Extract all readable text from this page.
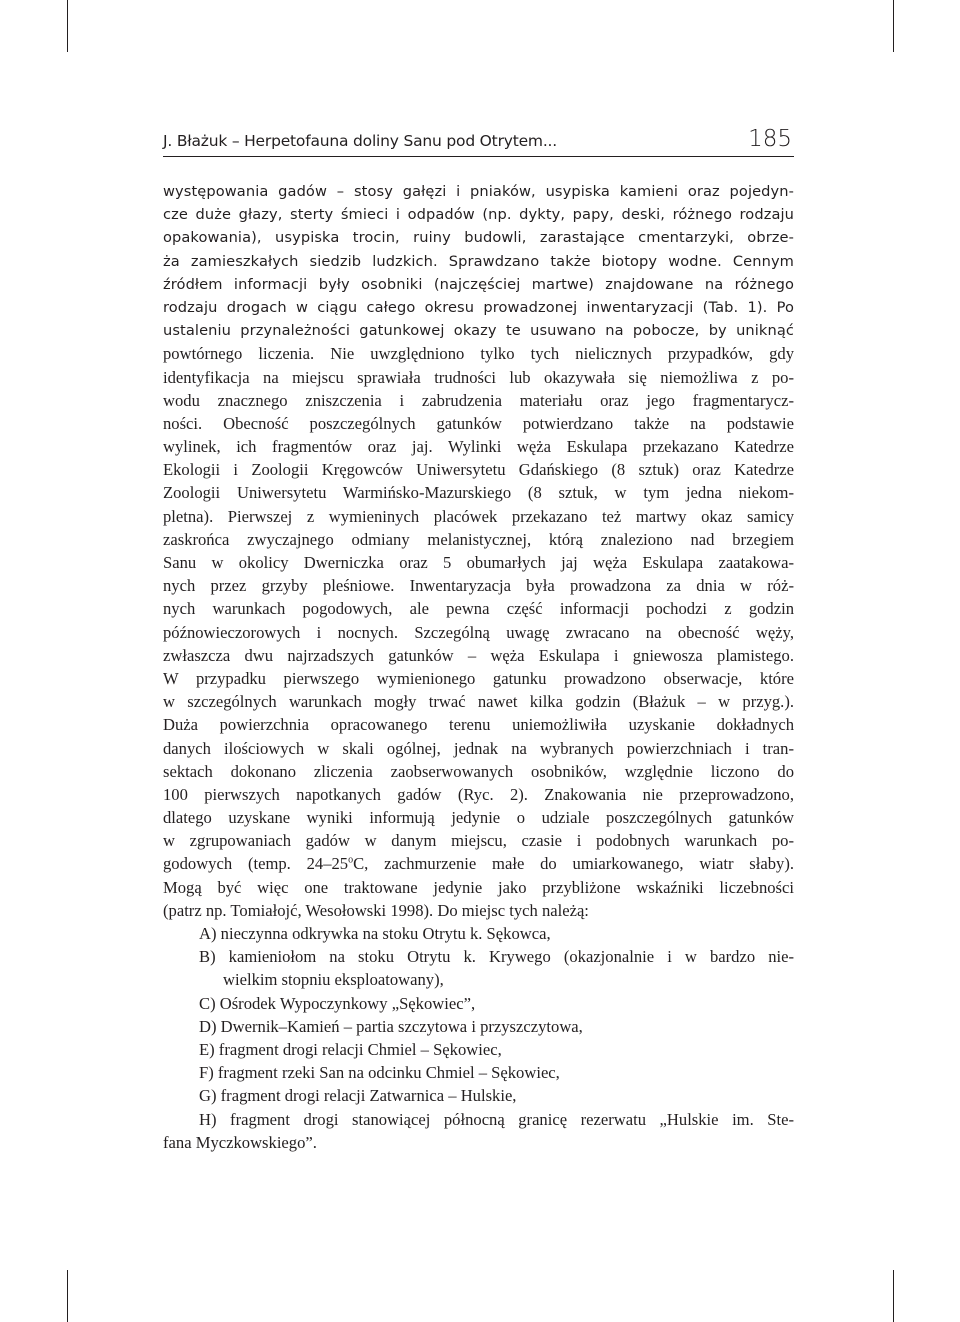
J. Błażuk – Herpetofauna doliny Sanu pod Otrytem...	185
występowania gadów – stosy gałęzi i pniaków, usypiska kamieni oraz pojedyn-
cze duże głazy, sterty śmieci i odpadów (np. dykty, papy, deski, różnego rodzaju
opakowania), usypiska trocin, ruiny budowli, zarastające cmentarzyki, obrze-
ża zamieszkałych siedzib ludzkich. Sprawdzano także biotopy wodne. Cennym
źródłem informacji były osobniki (najczęściej martwe) znajdowane na różnego
rodzaju drogach w ciągu całego okresu prowadzonej inwentaryzacji (Tab. 1). Po
ustaleniu przynależności gatunkowej okazy te usuwano na pobocze, by uniknąć
powtórnego liczenia. Nie uwzględniono tylko tych nielicznych przypadków, gdy
identyfikacja na miejscu sprawiała trudności lub okazywała się niemożliwa z po-
wodu znacznego zniszczenia i zabrudzenia materiału oraz jego fragmentarycz-
ności. Obecność poszczególnych gatunków potwierdzano także na podstawie
wylinek, ich fragmentów oraz jaj. Wylinki węża Eskulapa przekazano Katedrze
Ekologii i Zoologii Kręgowców Uniwersytetu Gdańskiego (8 sztuk) oraz Katedrze
Zoologii Uniwersytetu Warmińsko-Mazurskiego (8 sztuk, w tym jedna niekom-
pletna). Pierwszej z wymieninych placówek przekazano też martwy okaz samicy
zaskrońca zwyczajnego odmiany melanistycznej, którą znaleziono nad brzegiem
Sanu w okolicy Dwerniczka oraz 5 obumarłych jaj węża Eskulapa zaatakowa-
nych przez grzyby pleśniowe. Inwentaryzacja była prowadzona za dnia w róż-
nych warunkach pogodowych, ale pewna część informacji pochodzi z godzin
późnowieczorowych i nocnych. Szczególną uwagę zwracano na obecność węży,
zwłaszcza dwu najrzadszych gatunków – węża Eskulapa i gniewosza plamistego.
W przypadku pierwszego wymienionego gatunku prowadzono obserwacje, które
w szczególnych warunkach mogły trwać nawet kilka godzin (Błażuk – w przyg.).
Duża powierzchnia opracowanego terenu uniemożliwiła uzyskanie dokładnych
danych ilościowych w skali ogólnej, jednak na wybranych powierzchniach i tran-
sektach dokonano zliczenia zaobserwowanych osobników, względnie liczono do
100 pierwszych napotkanych gadów (Ryc. 2). Znakowania nie przeprowadzono,
dlatego uzyskane wyniki informują jedynie o udziale poszczególnych gatunków
w zgrupowaniach gadów w danym miejscu, czasie i podobnych warunkach po-
godowych (temp. 24–25$^o$C, zachmurzenie małe do umiarkowanego, wiatr słaby).
Mogą być więc one traktowane jedynie jako przybliżone wskaźniki liczebności
(patrz np. Tomiałojć, Wesołowski 1998). Do miejsc tych należą:
A) nieczynna odkrywka na stoku Otrytu k. Sękowca,
B) kamieniołom na stoku Otrytu k. Krywego (okazjonalnie i w bardzo nie-
wielkim stopniu eksploatowany),
C) Ośrodek Wypoczynkowy „Sękowiec”,
D) Dwernik–Kamień – partia szczytowa i przyszczytowa,
E) fragment drogi relacji Chmiel – Sękowiec,
F) fragment rzeki San na odcinku Chmiel – Sękowiec,
G) fragment drogi relacji Zatwarnica – Hulskie,
H) fragment drogi stanowiącej północną granicę rezerwatu „Hulskie im. Ste-
fana Myczkowskiego”.
